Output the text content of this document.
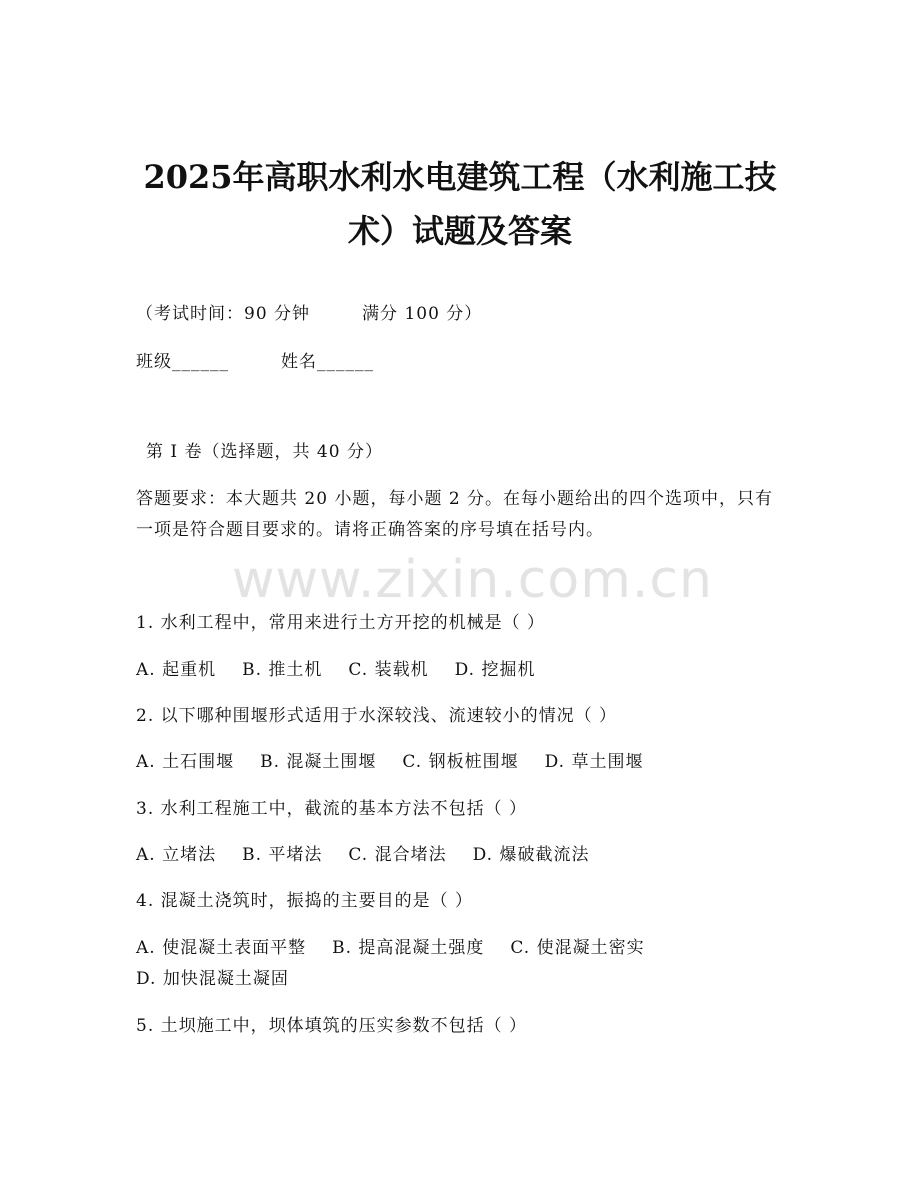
www.zixin.com.cn
2025年高职水利水电建筑工程（水利施工技
术）试题及答案
（考试时间：90 分钟	满分 100 分）
班级______	姓名______
第 I 卷（选择题，共 40 分）
答题要求：本大题共 20 小题，每小题 2 分。在每小题给出的四个选项中，只有一项是符合题目要求的。请将正确答案的序号填在括号内。
1. 水利工程中，常用来进行土方开挖的机械是（ ）
A. 起重机 B. 推土机 C. 装载机 D. 挖掘机
2. 以下哪种围堰形式适用于水深较浅、流速较小的情况（ ）
A. 土石围堰 B. 混凝土围堰 C. 钢板桩围堰 D. 草土围堰
3. 水利工程施工中，截流的基本方法不包括（ ）
A. 立堵法 B. 平堵法 C. 混合堵法 D. 爆破截流法
4. 混凝土浇筑时，振捣的主要目的是（ ）
A. 使混凝土表面平整 B. 提高混凝土强度 C. 使混凝土密实
D. 加快混凝土凝固
5. 土坝施工中，坝体填筑的压实参数不包括（ ）
